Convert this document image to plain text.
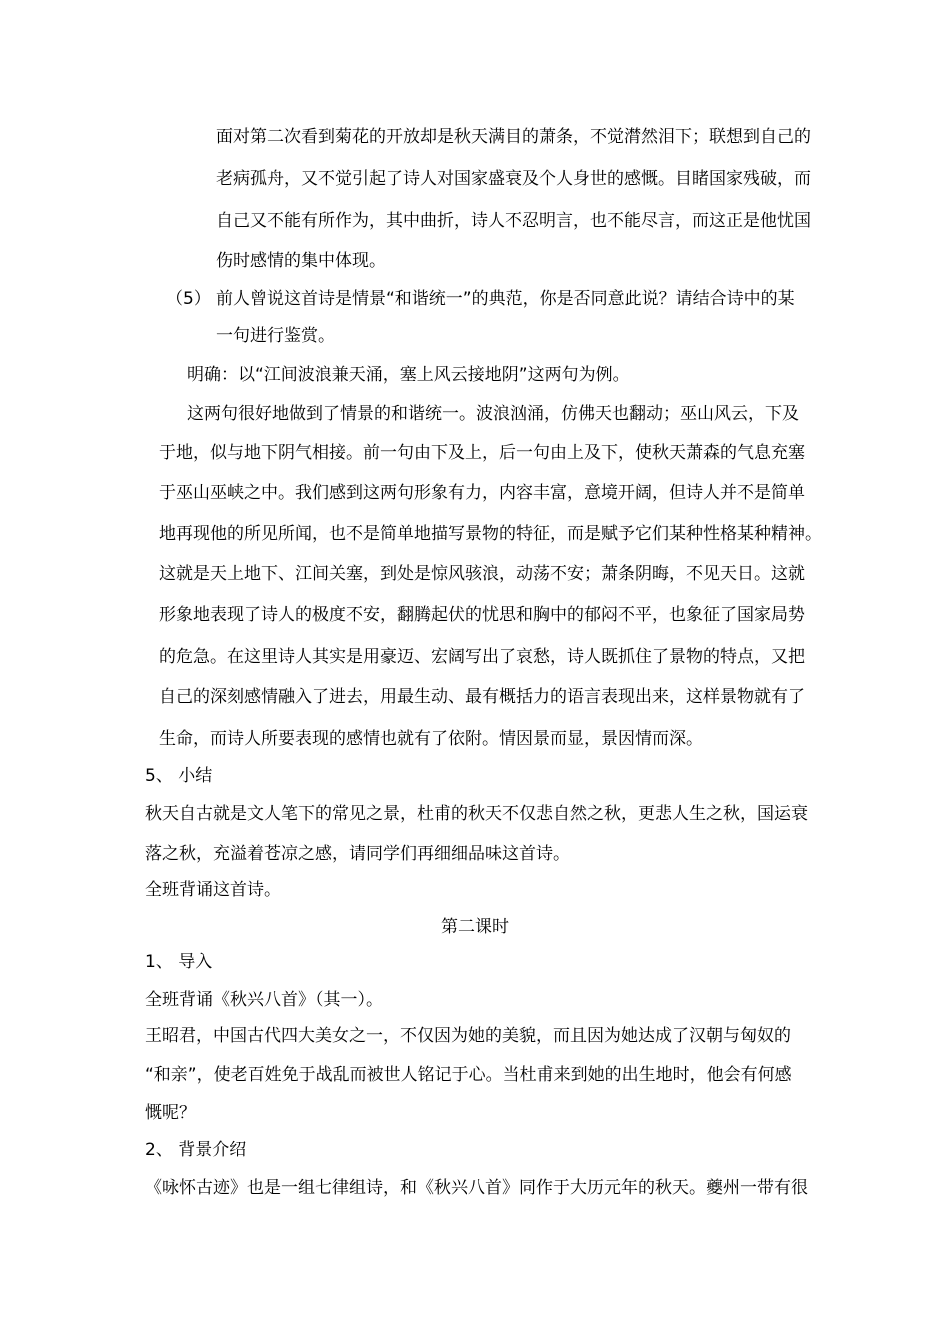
面对第二次看到菊花的开放却是秋天满目的萧条，不觉潸然泪下；联想到自己的
老病孤舟，又不觉引起了诗人对国家盛衰及个人身世的感慨。目睹国家残破，而
自己又不能有所作为，其中曲折，诗人不忍明言，也不能尽言，而这正是他忧国
伤时感情的集中体现。
（5） 前人曾说这首诗是情景“和谐统一”的典范，你是否同意此说？请结合诗中的某
一句进行鉴赏。
明确：以“江间波浪兼天涌，塞上风云接地阴”这两句为例。
这两句很好地做到了情景的和谐统一。波浪汹涌，仿佛天也翻动；巫山风云，下及
于地，似与地下阴气相接。前一句由下及上，后一句由上及下，使秋天萧森的气息充塞
于巫山巫峡之中。我们感到这两句形象有力，内容丰富，意境开阔，但诗人并不是简单
地再现他的所见所闻，也不是简单地描写景物的特征，而是赋予它们某种性格某种精神。
这就是天上地下、江间关塞，到处是惊风骇浪，动荡不安；萧条阴晦，不见天日。这就
形象地表现了诗人的极度不安，翻腾起伏的忧思和胸中的郁闷不平，也象征了国家局势
的危急。在这里诗人其实是用豪迈、宏阔写出了哀愁，诗人既抓住了景物的特点，又把
自己的深刻感情融入了进去，用最生动、最有概括力的语言表现出来，这样景物就有了
生命，而诗人所要表现的感情也就有了依附。情因景而显，景因情而深。
5、 小结
秋天自古就是文人笔下的常见之景，杜甫的秋天不仅悲自然之秋，更悲人生之秋，国运衰
落之秋，充溢着苍凉之感，请同学们再细细品味这首诗。
全班背诵这首诗。
第二课时
1、 导入
全班背诵《秋兴八首》（其一）。
王昭君，中国古代四大美女之一，不仅因为她的美貌，而且因为她达成了汉朝与匈奴的
“和亲”，使老百姓免于战乱而被世人铭记于心。当杜甫来到她的出生地时，他会有何感
慨呢？
2、 背景介绍
《咏怀古迹》也是一组七律组诗，和《秋兴八首》同作于大历元年的秋天。夔州一带有很
